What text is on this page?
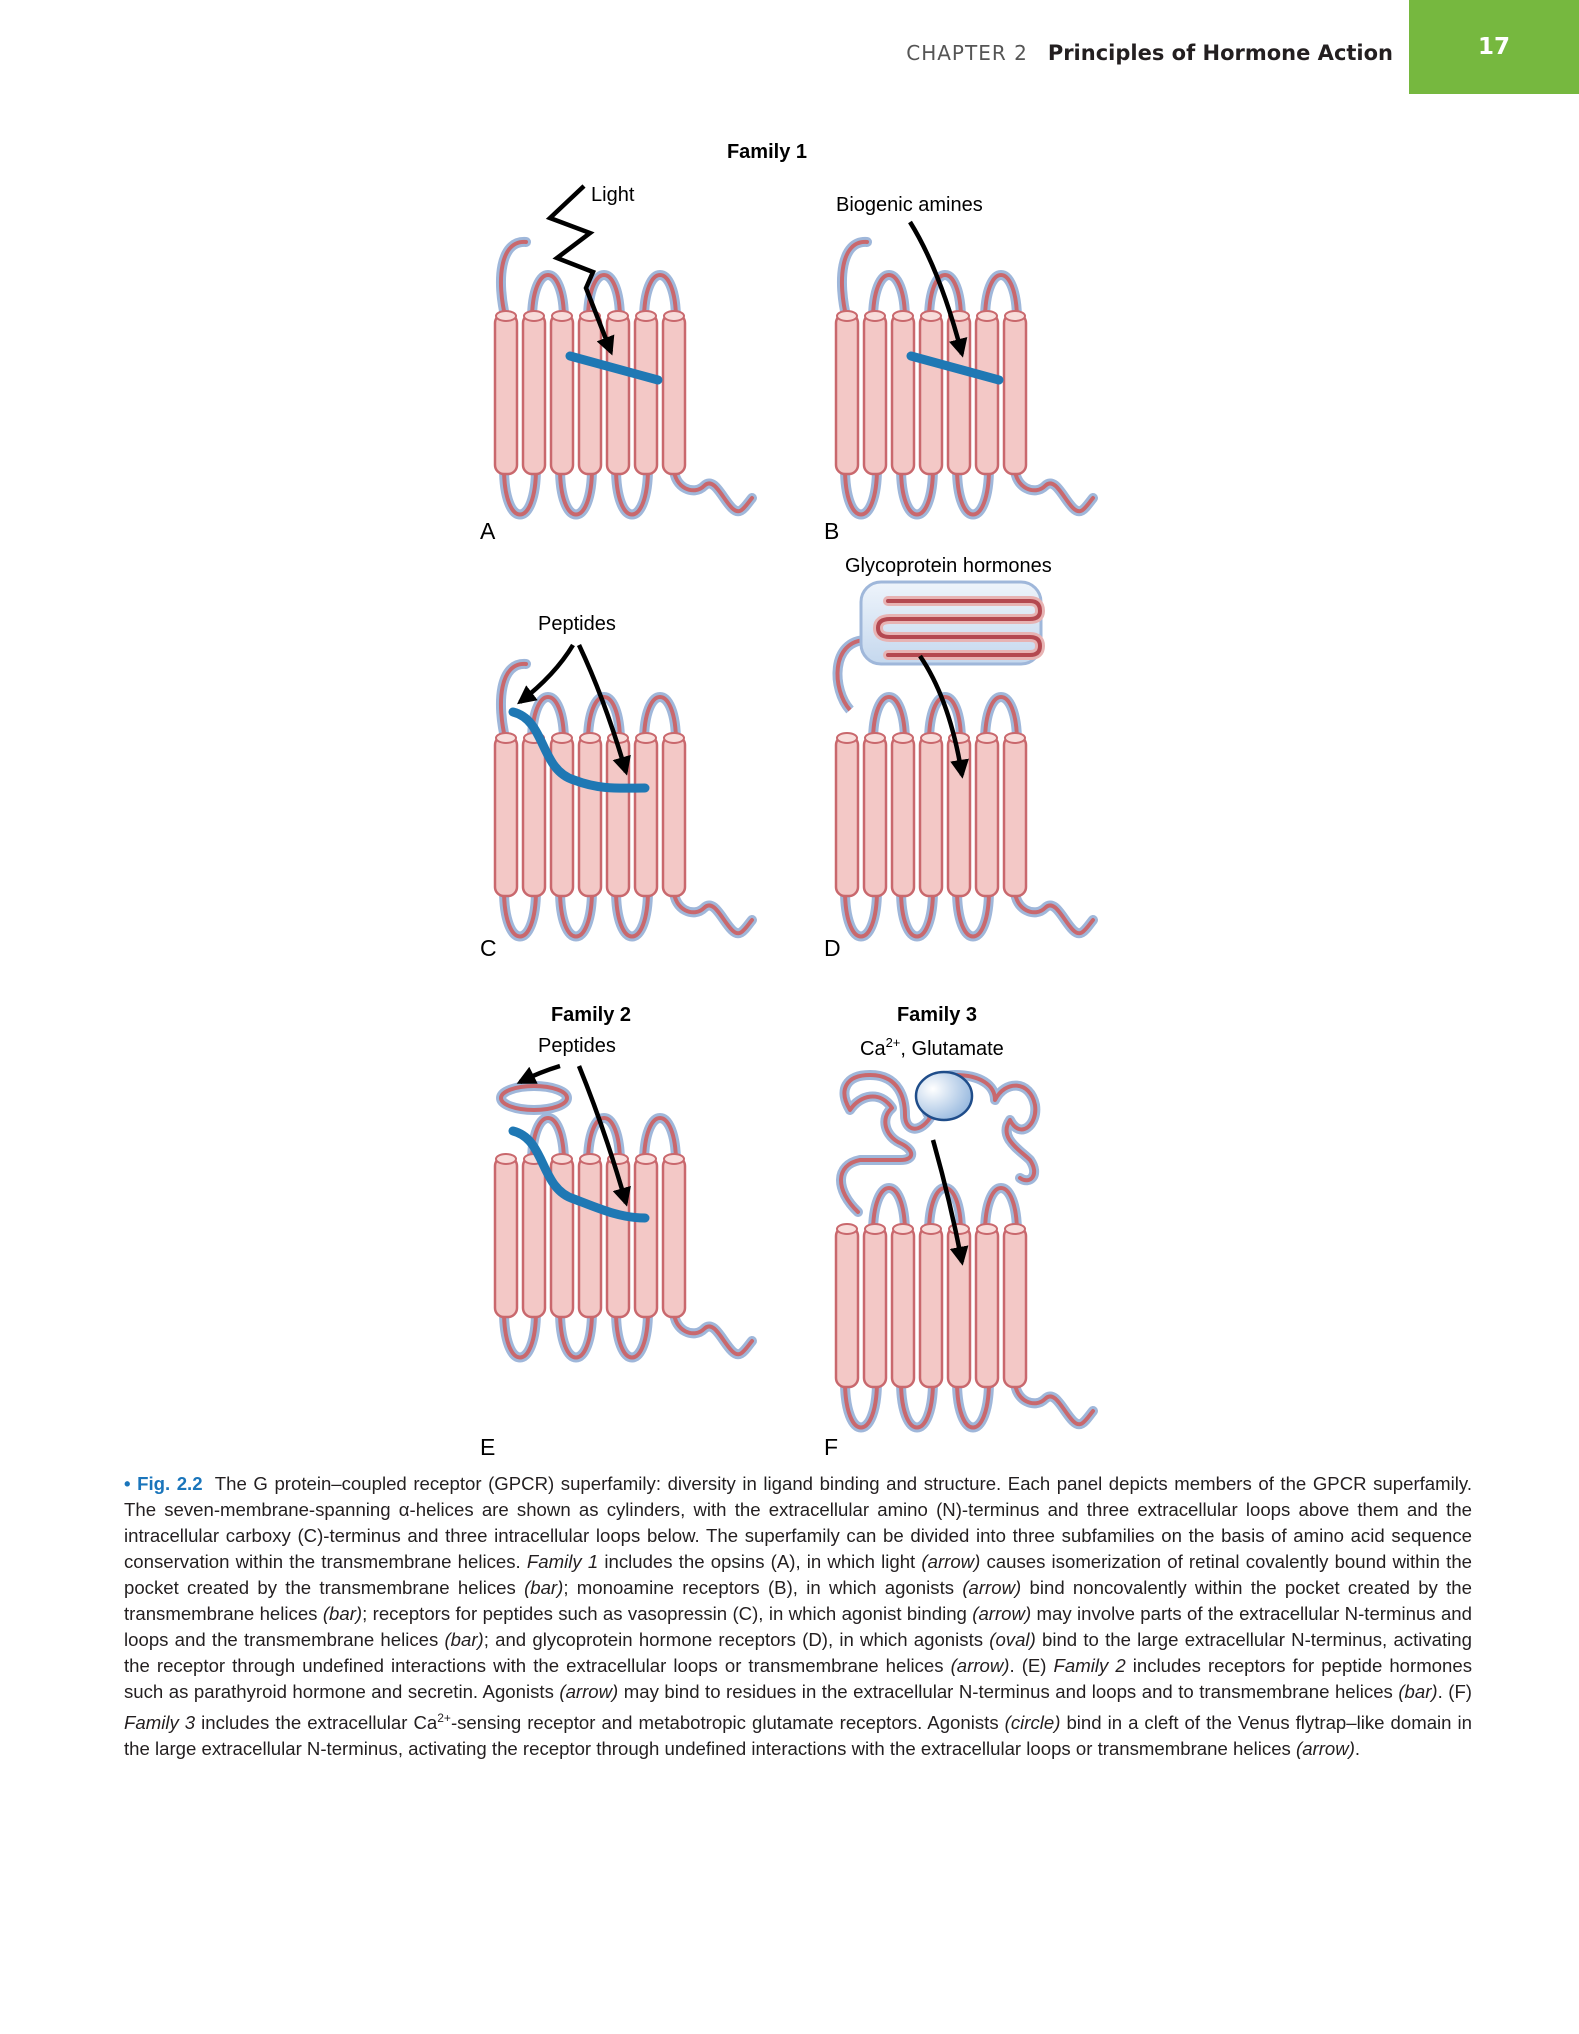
CHAPTER 2 Principles of Hormone Action	17
Family 1
Family 2	Family 3
Light	Biogenic amines
Peptides
Glycoprotein hormones
Peptides	$Ca^{2+}$, Glutamate
A	B
C	D
E	F
• Fig. 2.2 The G protein–coupled receptor (GPCR) superfamily: diversity in ligand binding and structure. Each panel depicts members of the GPCR superfamily. The seven-membrane-spanning α-helices are shown as cylinders, with the extracellular amino (N)-terminus and three extracellular loops above them and the intracellular carboxy (C)-terminus and three intracellular loops below. The superfamily can be divided into three subfamilies on the basis of amino acid sequence conservation within the transmembrane helices. Family 1 includes the opsins (A), in which light (arrow) causes isomerization of retinal covalently bound within the pocket created by the transmembrane helices (bar); monoamine receptors (B), in which agonists (arrow) bind noncovalently within the pocket created by the transmembrane helices (bar); receptors for peptides such as vasopressin (C), in which agonist binding (arrow) may involve parts of the extracellular N-terminus and loops and the transmembrane helices (bar); and glycoprotein hormone receptors (D), in which agonists (oval) bind to the large extracellular N-terminus, activating the receptor through undefined interactions with the extracellular loops or transmembrane helices (arrow). (E) Family 2 includes receptors for peptide hormones such as parathyroid hormone and secretin. Agonists (arrow) may bind to residues in the extracellular N-terminus and loops and to transmembrane helices (bar). (F) Family 3 includes the extracellular $Ca^{2+}$-sensing receptor and metabotropic glutamate receptors. Agonists (circle) bind in a cleft of the Venus flytrap–like domain in the large extracellular N-terminus, activating the receptor through undefined interactions with the extracellular loops or transmembrane helices (arrow).
